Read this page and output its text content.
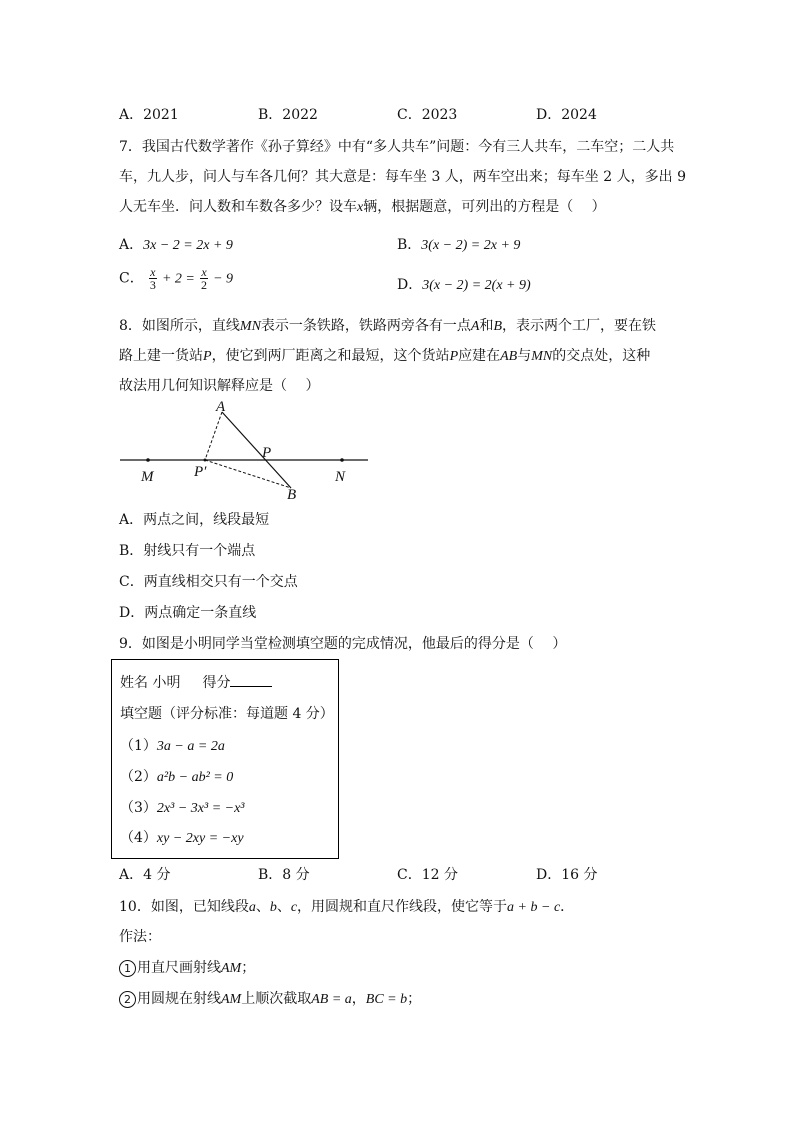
A．2021	B．2022	C．2023	D．2024
7．我国古代数学著作《孙子算经》中有“多人共车”问题：今有三人共车，二车空；二人共
车，九人步，问人与车各几何？其大意是：每车坐 3 人，两车空出来；每车坐 2 人，多出 9
人无车坐．问人数和车数各多少？设车x辆，根据题意，可列出的方程是（　 ）
A．3x − 2 = 2x + 9	B．3(x − 2) = 2x + 9
C． $\frac{x}{3} + 2 = \frac{x}{2} - 9$	D．3(x − 2) = 2(x + 9)
8．如图所示，直线MN表示一条铁路，铁路两旁各有一点A和B，表示两个工厂，要在铁
路上建一货站P，使它到两厂距离之和最短，这个货站P应建在AB与MN的交点处，这种
故法用几何知识解释应是（　 ）
A
P
M	P′	N
B
A．两点之间，线段最短
B．射线只有一个端点
C．两直线相交只有一个交点
D．两点确定一条直线
9．如图是小明同学当堂检测填空题的完成情况，他最后的得分是（　 ）
姓名 小明 得分
填空题（评分标准：每道题 4 分）
（1）3a − a = 2a
（2）a²b − ab² = 0
（3）2x³ − 3x³ = −x³
（4）xy − 2xy = −xy
A．4 分	B．8 分	C．12 分	D．16 分
10．如图，已知线段a、b、c，用圆规和直尺作线段，使它等于a + b − c．
作法：
1 用直尺画射线AM；
2 用圆规在射线AM上顺次截取AB = a，BC = b；
